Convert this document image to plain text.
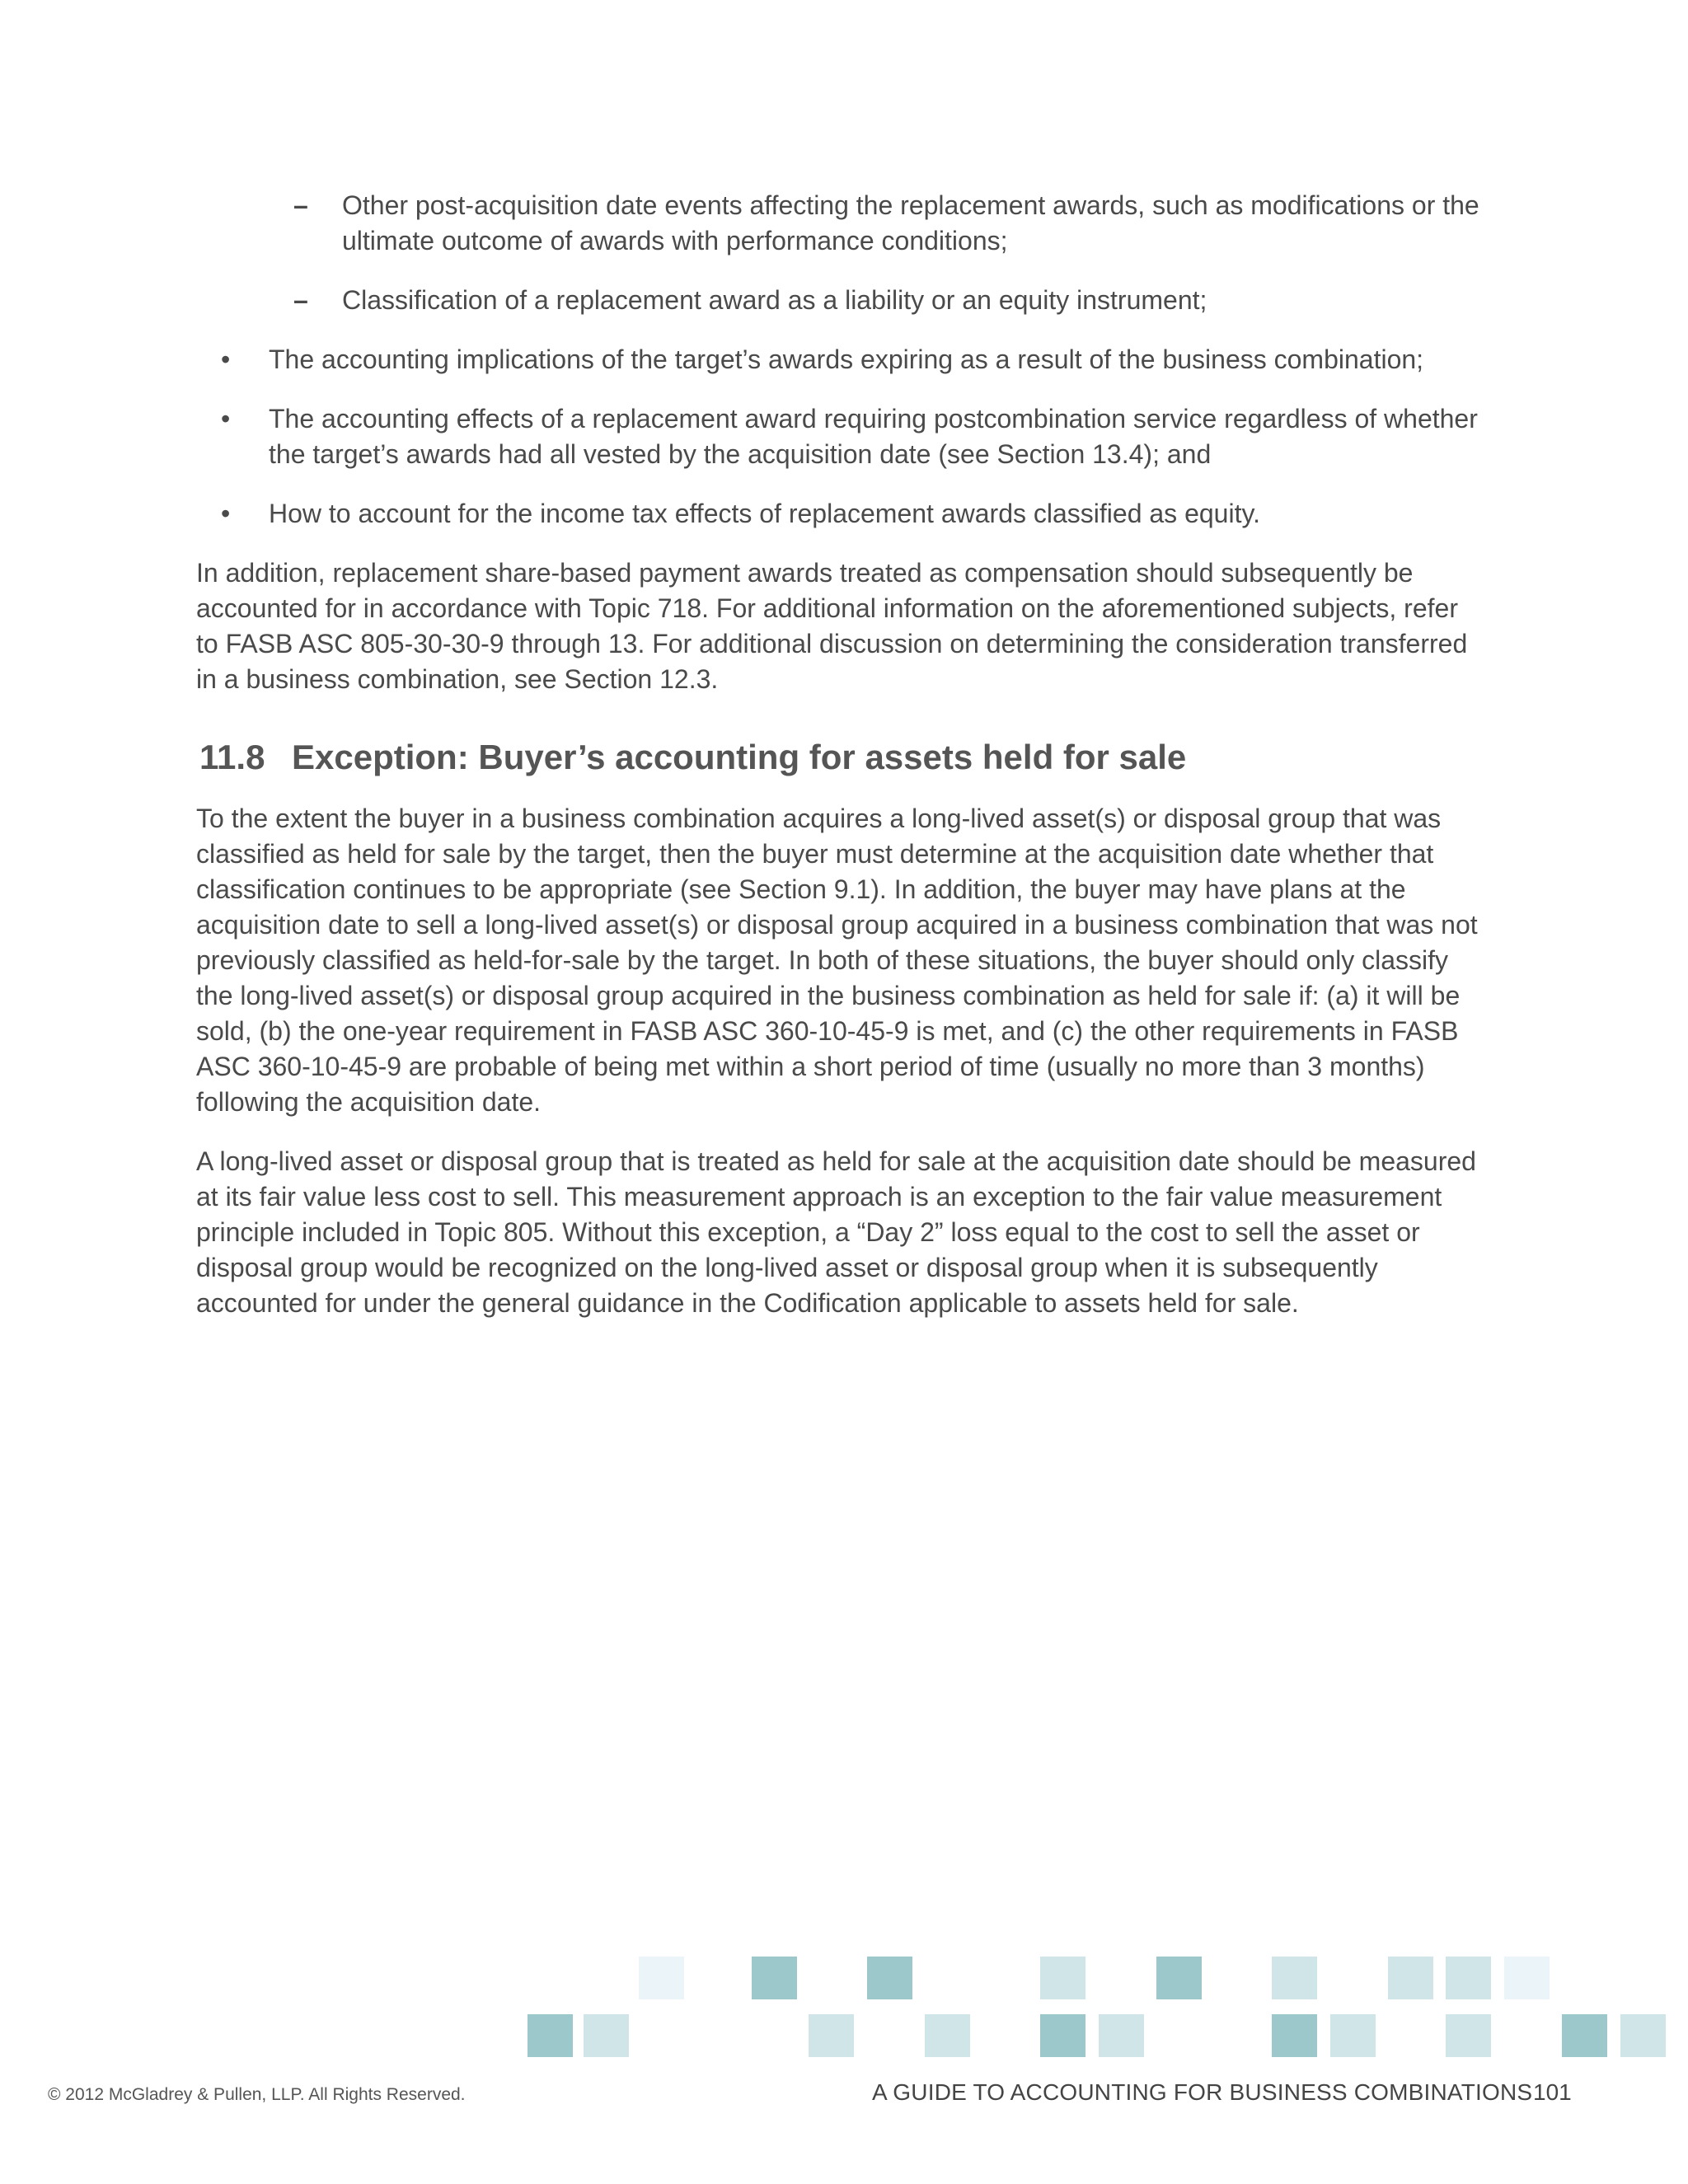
– Other post-acquisition date events affecting the replacement awards, such as modifications or the ultimate outcome of awards with performance conditions;
– Classification of a replacement award as a liability or an equity instrument;
• The accounting implications of the target’s awards expiring as a result of the business combination;
• The accounting effects of a replacement award requiring postcombination service regardless of whether the target’s awards had all vested by the acquisition date (see Section 13.4); and
• How to account for the income tax effects of replacement awards classified as equity.

In addition, replacement share-based payment awards treated as compensation should subsequently be accounted for in accordance with Topic 718. For additional information on the aforementioned subjects, refer to FASB ASC 805-30-30-9 through 13. For additional discussion on determining the consideration transferred in a business combination, see Section 12.3.

11.8 Exception: Buyer’s accounting for assets held for sale

To the extent the buyer in a business combination acquires a long-lived asset(s) or disposal group that was classified as held for sale by the target, then the buyer must determine at the acquisition date whether that classification continues to be appropriate (see Section 9.1). In addition, the buyer may have plans at the acquisition date to sell a long-lived asset(s) or disposal group acquired in a business combination that was not previously classified as held-for-sale by the target. In both of these situations, the buyer should only classify the long-lived asset(s) or disposal group acquired in the business combination as held for sale if: (a) it will be sold, (b) the one-year requirement in FASB ASC 360-10-45-9 is met, and (c) the other requirements in FASB ASC 360-10-45-9 are probable of being met within a short period of time (usually no more than 3 months) following the acquisition date.

A long-lived asset or disposal group that is treated as held for sale at the acquisition date should be measured at its fair value less cost to sell. This measurement approach is an exception to the fair value measurement principle included in Topic 805. Without this exception, a “Day 2” loss equal to the cost to sell the asset or disposal group would be recognized on the long-lived asset or disposal group when it is subsequently accounted for under the general guidance in the Codification applicable to assets held for sale.

© 2012 McGladrey & Pullen, LLP. All Rights Reserved.	A GUIDE TO ACCOUNTING FOR BUSINESS COMBINATIONS 101
